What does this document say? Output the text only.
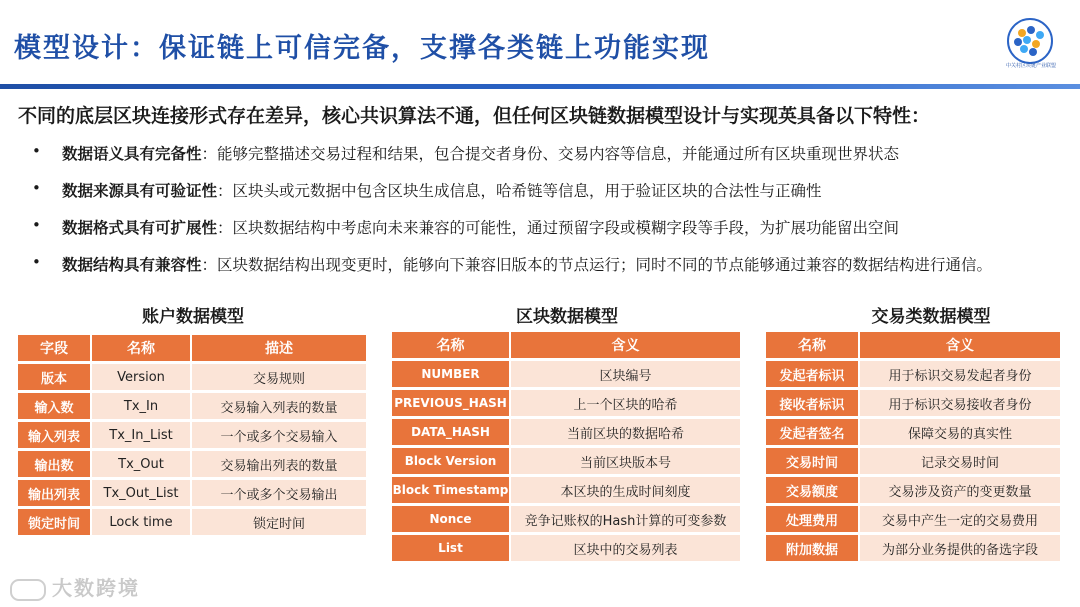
模型设计：保证链上可信完备，支撑各类链上功能实现
中关村区块链产业联盟
不同的底层区块连接形式存在差异，核心共识算法不通，但任何区块链数据模型设计与实现英具备以下特性：
•	数据语义具有完备性：能够完整描述交易过程和结果，包合提交者身份、交易内容等信息，并能通过所有区块重现世界状态
•	数据来源具有可验证性：区块头或元数据中包含区块生成信息，哈希链等信息，用于验证区块的合法性与正确性
•	数据格式具有可扩展性：区块数据结构中考虑向未来兼容的可能性，通过预留字段或模糊字段等手段，为扩展功能留出空间
•	数据结构具有兼容性：区块数据结构出现变更时，能够向下兼容旧版本的节点运行；同时不同的节点能够通过兼容的数据结构进行通信。
账户数据模型
字段	名称	描述
版本	Version	交易规则
输入数	Tx_In	交易输入列表的数量
输入列表	Tx_In_List	一个或多个交易输入
输出数	Tx_Out	交易输出列表的数量
输出列表	Tx_Out_List	一个或多个交易输出
锁定时间	Lock time	锁定时间
区块数据模型
名称	含义
NUMBER	区块编号
PREVIOUS_HASH	上一个区块的哈希
DATA_HASH	当前区块的数据哈希
Block Version	当前区块版本号
Block Timestamp	本区块的生成时间刻度
Nonce	竞争记账权的Hash计算的可变参数
List	区块中的交易列表
交易类数据模型
名称	含义
发起者标识	用于标识交易发起者身份
接收者标识	用于标识交易接收者身份
发起者签名	保障交易的真实性
交易时间	记录交易时间
交易额度	交易涉及资产的变更数量
处理费用	交易中产生一定的交易费用
附加数据	为部分业务提供的备选字段
大数跨境
